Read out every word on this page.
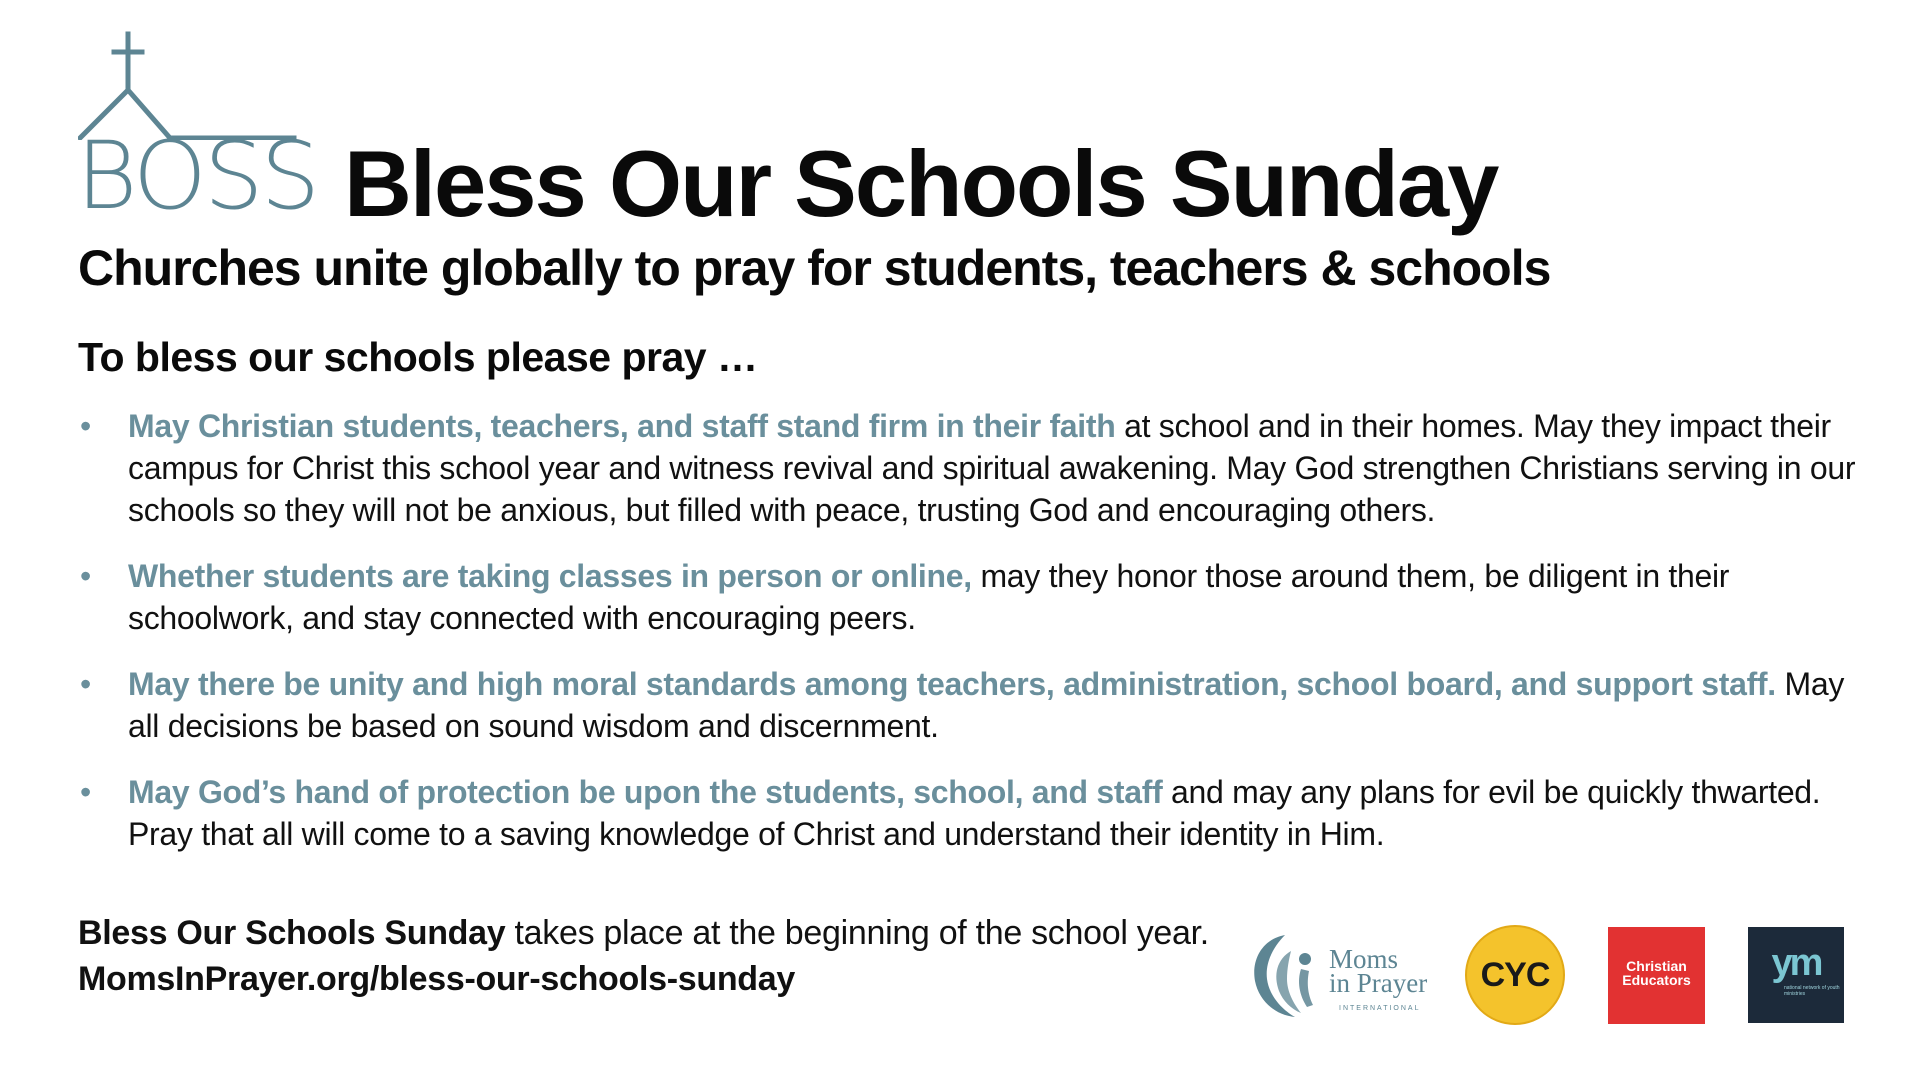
BOSS Bless Our Schools Sunday
Churches unite globally to pray for students, teachers & schools
To bless our schools please pray …
• May Christian students, teachers, and staff stand firm in their faith at school and in their homes. May they impact their campus for Christ this school year and witness revival and spiritual awakening. May God strengthen Christians serving in our schools so they will not be anxious, but filled with peace, trusting God and encouraging others.
• Whether students are taking classes in person or online, may they honor those around them, be diligent in their schoolwork, and stay connected with encouraging peers.
• May there be unity and high moral standards among teachers, administration, school board, and support staff. May all decisions be based on sound wisdom and discernment.
• May God’s hand of protection be upon the students, school, and staff and may any plans for evil be quickly thwarted. Pray that all will come to a saving knowledge of Christ and understand their identity in Him.
Bless Our Schools Sunday takes place at the beginning of the school year.
MomsInPrayer.org/bless-our-schools-sunday
Moms
in Prayer
INTERNATIONAL
CYC	Christian
Educators	ym
national network of youth ministries
